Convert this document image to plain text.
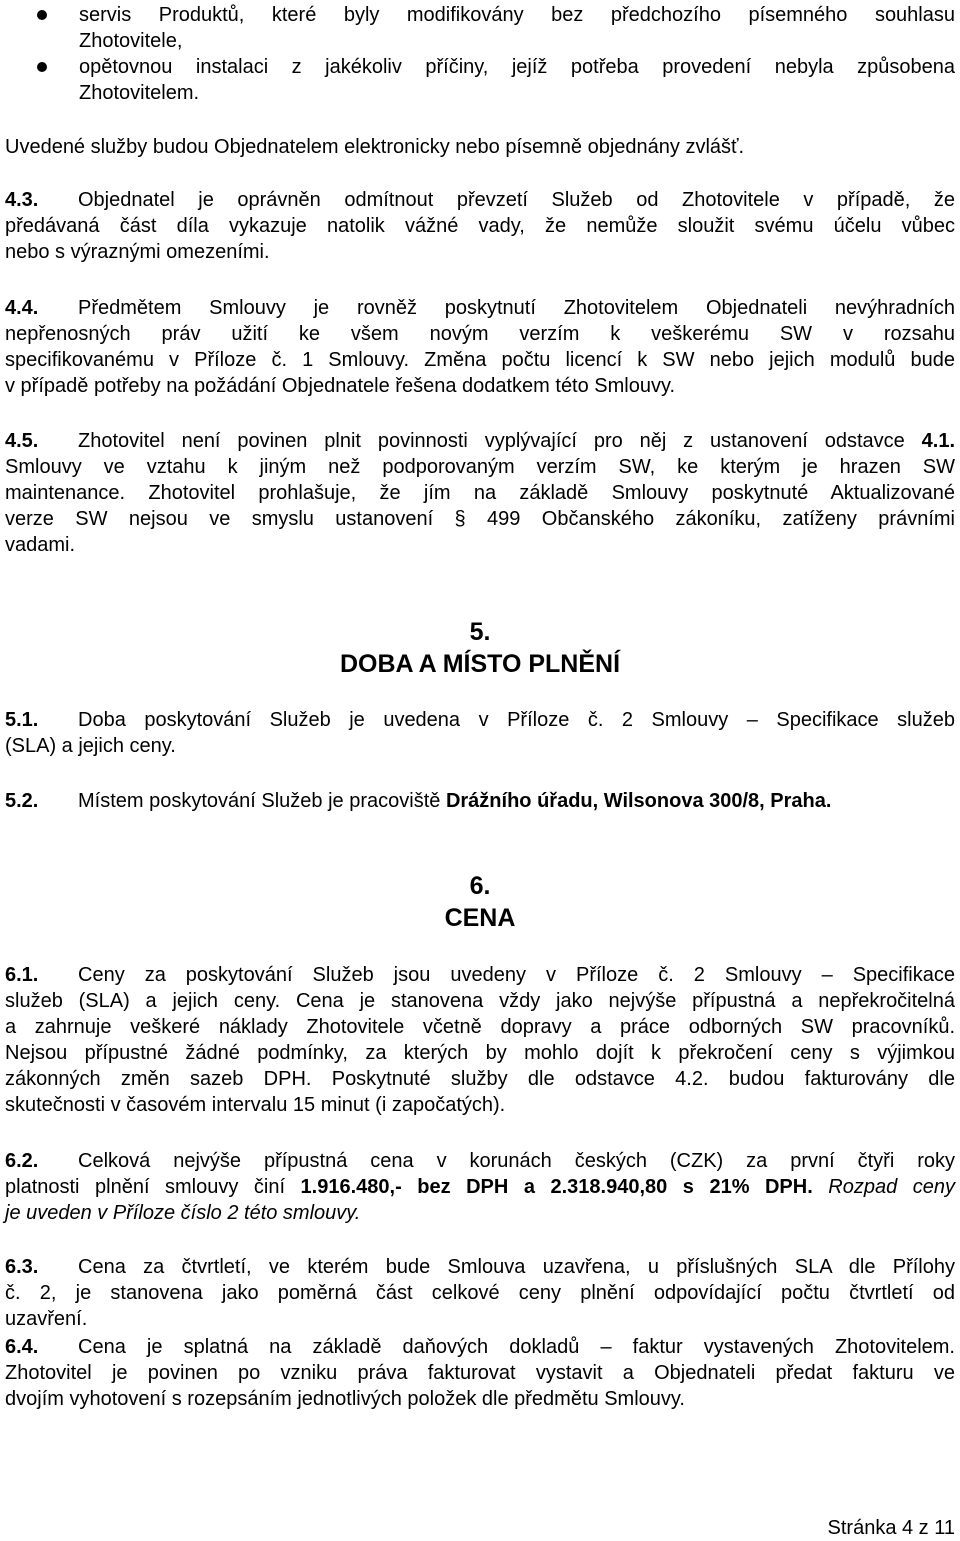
servis Produktů, které byly modifikovány bez předchozího písemného souhlasu
Zhotovitele,
opětovnou instalaci z jakékoliv příčiny, jejíž potřeba provedení nebyla způsobena
Zhotovitelem.
Uvedené služby budou Objednatelem elektronicky nebo písemně objednány zvlášť.
4.3. Objednatel je oprávněn odmítnout převzetí Služeb od Zhotovitele v případě, že
předávaná část díla vykazuje natolik vážné vady, že nemůže sloužit svému účelu vůbec
nebo s výraznými omezeními.
4.4. Předmětem Smlouvy je rovněž poskytnutí Zhotovitelem Objednateli nevýhradních
nepřenosných práv užití ke všem novým verzím k veškerému SW v rozsahu
specifikovanému v Příloze č. 1 Smlouvy. Změna počtu licencí k SW nebo jejich modulů bude
v případě potřeby na požádání Objednatele řešena dodatkem této Smlouvy.
4.5. Zhotovitel není povinen plnit povinnosti vyplývající pro něj z ustanovení odstavce 4.1.
Smlouvy ve vztahu k jiným než podporovaným verzím SW, ke kterým je hrazen SW
maintenance. Zhotovitel prohlašuje, že jím na základě Smlouvy poskytnuté Aktualizované
verze SW nejsou ve smyslu ustanovení § 499 Občanského zákoníku, zatíženy právními
vadami.
5.
DOBA A MÍSTO PLNĚNÍ
5.1. Doba poskytování Služeb je uvedena v Příloze č. 2 Smlouvy – Specifikace služeb
(SLA) a jejich ceny.
5.2. Místem poskytování Služeb je pracoviště Drážního úřadu, Wilsonova 300/8, Praha.
6.
CENA
6.1. Ceny za poskytování Služeb jsou uvedeny v Příloze č. 2 Smlouvy – Specifikace
služeb (SLA) a jejich ceny. Cena je stanovena vždy jako nejvýše přípustná a nepřekročitelná
a zahrnuje veškeré náklady Zhotovitele včetně dopravy a práce odborných SW pracovníků.
Nejsou přípustné žádné podmínky, za kterých by mohlo dojít k překročení ceny s výjimkou
zákonných změn sazeb DPH. Poskytnuté služby dle odstavce 4.2. budou fakturovány dle
skutečnosti v časovém intervalu 15 minut (i započatých).
6.2. Celková nejvýše přípustná cena v korunách českých (CZK) za první čtyři roky
platnosti plnění smlouvy činí 1.916.480,- bez DPH a 2.318.940,80 s 21% DPH. Rozpad ceny
je uveden v Příloze číslo 2 této smlouvy.
6.3. Cena za čtvrtletí, ve kterém bude Smlouva uzavřena, u příslušných SLA dle Přílohy
č. 2, je stanovena jako poměrná část celkové ceny plnění odpovídající počtu čtvrtletí od
uzavření.
6.4. Cena je splatná na základě daňových dokladů – faktur vystavených Zhotovitelem.
Zhotovitel je povinen po vzniku práva fakturovat vystavit a Objednateli předat fakturu ve
dvojím vyhotovení s rozepsáním jednotlivých položek dle předmětu Smlouvy.
Stránka 4 z 11
